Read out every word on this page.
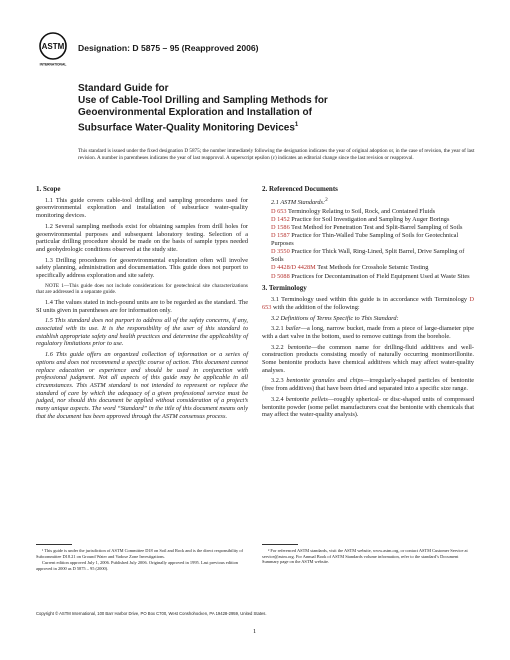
ASTM
INTERNATIONAL
Designation: D 5875 – 95 (Reapproved 2006)
Standard Guide for
Use of Cable-Tool Drilling and Sampling Methods for
Geoenvironmental Exploration and Installation of
Subsurface Water-Quality Monitoring Devices$^1$
This standard is issued under the fixed designation D 5875; the number immediately following the designation indicates the year of original adoption or, in the case of revision, the year of last revision. A number in parentheses indicates the year of last reapproval. A superscript epsilon (ε) indicates an editorial change since the last revision or reapproval.
1. Scope

1.1 This guide covers cable-tool drilling and sampling procedures used for geoenvironmental exploration and installation of subsurface water-quality monitoring devices.

1.2 Several sampling methods exist for obtaining samples from drill holes for geoenvironmental purposes and subsequent laboratory testing. Selection of a particular drilling procedure should be made on the basis of sample types needed and geohydrologic conditions observed at the study site.

1.3 Drilling procedures for geoenvironmental exploration often will involve safety planning, administration and documentation. This guide does not purport to specifically address exploration and site safety.

NOTE 1—This guide does not include considerations for geotechnical site characterizations that are addressed in a separate guide.

1.4 The values stated in inch-pound units are to be regarded as the standard. The SI units given in parentheses are for information only.

1.5 This standard does not purport to address all of the safety concerns, if any, associated with its use. It is the responsibility of the user of this standard to establish appropriate safety and health practices and determine the applicability of regulatory limitations prior to use.

1.6 This guide offers an organized collection of information or a series of options and does not recommend a specific course of action. This document cannot replace education or experience and should be used in conjunction with professional judgment. Not all aspects of this guide may be applicable in all circumstances. This ASTM standard is not intended to represent or replace the standard of care by which the adequacy of a given professional service must be judged, nor should this document be applied without consideration of a project’s many unique aspects. The word “Standard” in the title of this document means only that the document has been approved through the ASTM consensus process.

2. Referenced Documents

2.1 ASTM Standards:$^2$

D 653 Terminology Relating to Soil, Rock, and Contained Fluids
D 1452 Practice for Soil Investigation and Sampling by Auger Borings
D 1586 Test Method for Penetration Test and Split-Barrel Sampling of Soils
D 1587 Practice for Thin-Walled Tube Sampling of Soils for Geotechnical Purposes
D 3550 Practice for Thick Wall, Ring-Lined, Split Barrel, Drive Sampling of Soils
D 4428/D 4428M Test Methods for Crosshole Seismic Testing
D 5088 Practices for Decontamination of Field Equipment Used at Waste Sites
3. Terminology

3.1 Terminology used within this guide is in accordance with Terminology D 653 with the addition of the following:

3.2 Definitions of Terms Specific to This Standard:

3.2.1 bailer—a long, narrow bucket, made from a piece of large-diameter pipe with a dart valve in the bottom, used to remove cuttings from the borehole.

3.2.2 bentonite—the common name for drilling-fluid additives and well-construction products consisting mostly of naturally occurring montmorillonite. Some bentonite products have chemical additives which may affect water-quality analyses.

3.2.3 bentonite granules and chips—irregularly-shaped particles of bentonite (free from additives) that have been dried and separated into a specific size range.

3.2.4 bentonite pellets—roughly spherical- or disc-shaped units of compressed bentonite powder (some pellet manufacturers coat the bentonite with chemicals that may affect the water-quality analysis).

¹ This guide is under the jurisdiction of ASTM Committee D18 on Soil and Rock and is the direct responsibility of Subcommittee D18.21 on Ground Water and Vadose Zone Investigations.

Current edition approved July 1, 2006. Published July 2006. Originally approved in 1995. Last previous edition approved in 2000 as D 5875 – 95 (2000).

² For referenced ASTM standards, visit the ASTM website, www.astm.org, or contact ASTM Customer Service at service@astm.org. For Annual Book of ASTM Standards volume information, refer to the standard’s Document Summary page on the ASTM website.

Copyright © ASTM International, 100 Barr Harbor Drive, PO Box C700, West Conshohocken, PA 19428-2959, United States.
1
